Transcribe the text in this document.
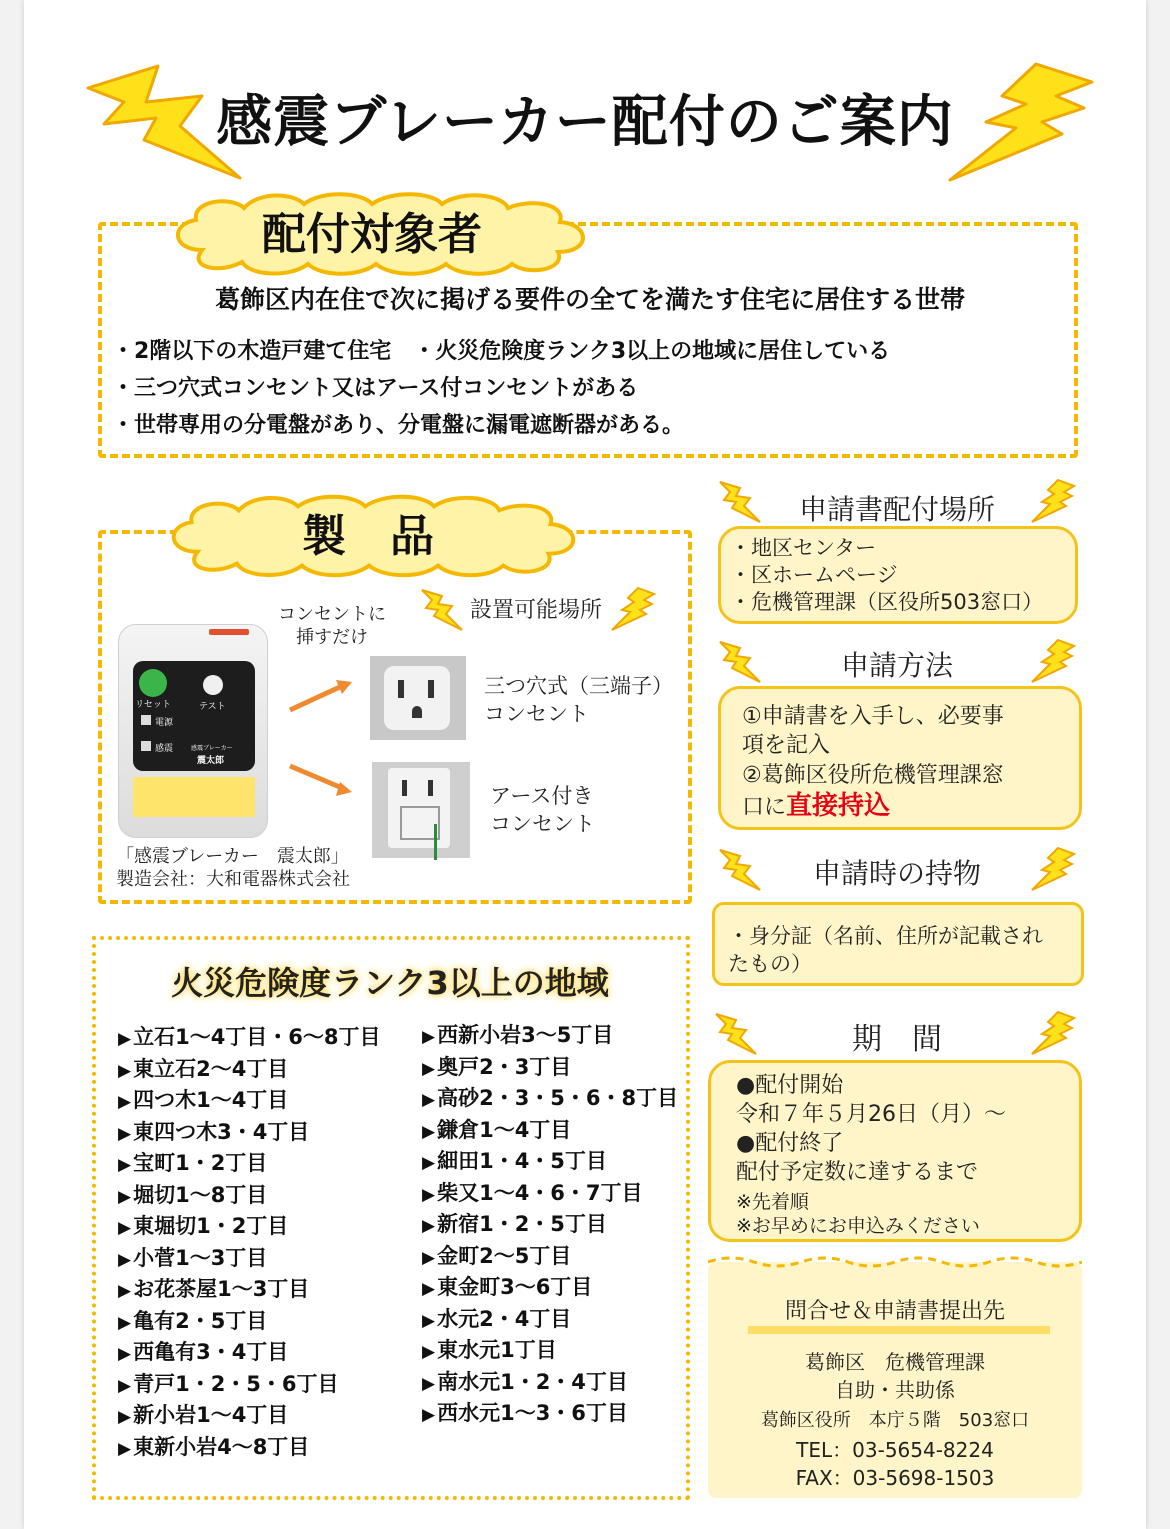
感震ブレーカー配付のご案内
配付対象者
葛飾区内在住で次に掲げる要件の全てを満たす住宅に居住する世帯
・2階以下の木造戸建て住宅　・火災危険度ランク3以上の地域に居住している
・三つ穴式コンセント又はアース付コンセントがある
・世帯専用の分電盤があり、分電盤に漏電遮断器がある。
製　品
コンセントに
挿すだけ
設置可能場所
リセット	テスト
電源
感震	感震ブレーカー
震太郎
三つ穴式（三端子）
コンセント
アース付き
コンセント
「感震ブレーカー　震太郎」
製造会社：大和電器株式会社
申請書配付場所
・地区センター
・区ホームページ
・危機管理課（区役所503窓口）
申請方法
①申請書を入手し、必要事
項を記入
②葛飾区役所危機管理課窓
口に直接持込
申請時の持物
・身分証（名前、住所が記載され
たもの）
期　間
●配付開始
令和７年５月26日（月）～
●配付終了
配付予定数に達するまで
※先着順
※お早めにお申込みください
問合せ＆申請書提出先
葛飾区　危機管理課
自助・共助係
葛飾区役所　本庁５階　503窓口
TEL：03-5654-8224
FAX：03-5698-1503
火災危険度ランク3以上の地域
▶立石1～4丁目・6～8丁目
▶東立石2～4丁目
▶四つ木1～4丁目
▶東四つ木3・4丁目
▶宝町1・2丁目
▶堀切1～8丁目
▶東堀切1・2丁目
▶小菅1～3丁目
▶お花茶屋1～3丁目
▶亀有2・5丁目
▶西亀有3・4丁目
▶青戸1・2・5・6丁目
▶新小岩1～4丁目
▶東新小岩4～8丁目
▶西新小岩3～5丁目
▶奥戸2・3丁目
▶高砂2・3・5・6・8丁目
▶鎌倉1～4丁目
▶細田1・4・5丁目
▶柴又1～4・6・7丁目
▶新宿1・2・5丁目
▶金町2～5丁目
▶東金町3～6丁目
▶水元2・4丁目
▶東水元1丁目
▶南水元1・2・4丁目
▶西水元1～3・6丁目
